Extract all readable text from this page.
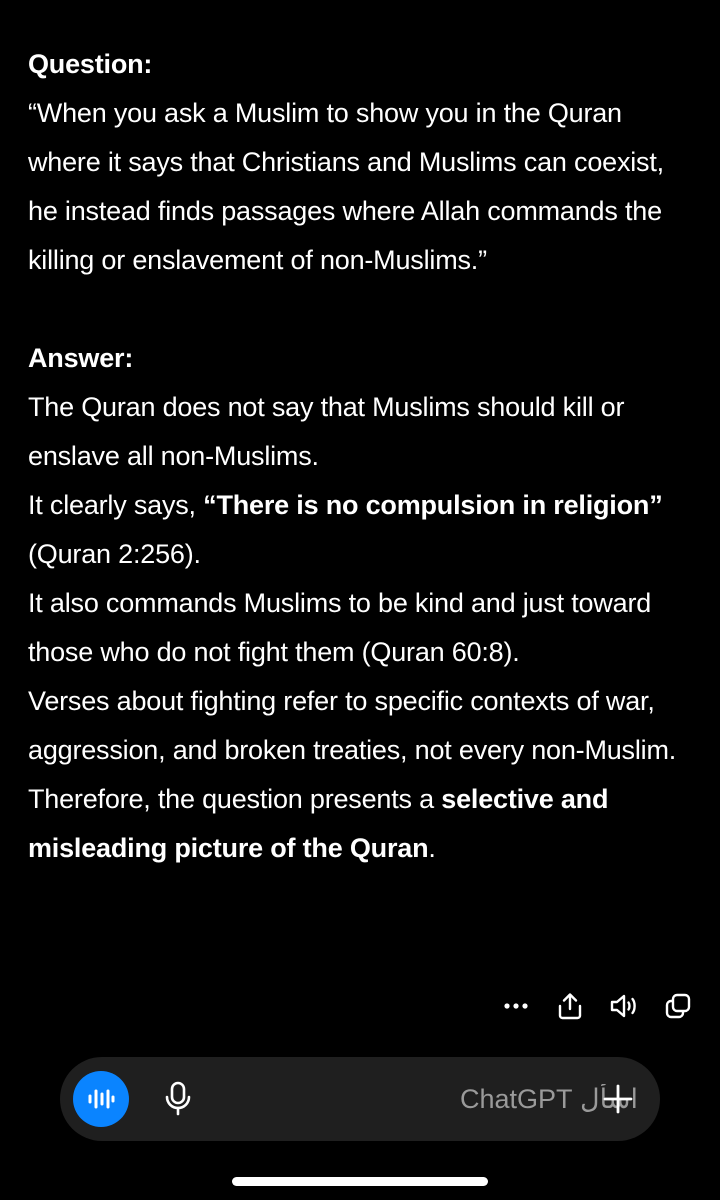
Question:

“When you ask a Muslim to show you in the Quran where it says that Christians and Muslims can coexist, he instead finds passages where Allah commands the killing or enslavement of non-Muslims.”

Answer:

The Quran does not say that Muslims should kill or enslave all non-Muslims.

It clearly says, “There is no compulsion in religion” (Quran 2:256).

It also commands Muslims to be kind and just toward those who do not fight them (Quran 60:8).

Verses about fighting refer to specific contexts of war, aggression, and broken treaties, not every non-Muslim.

Therefore, the question presents a selective and misleading picture of the Quran.

اسأل ChatGPT
